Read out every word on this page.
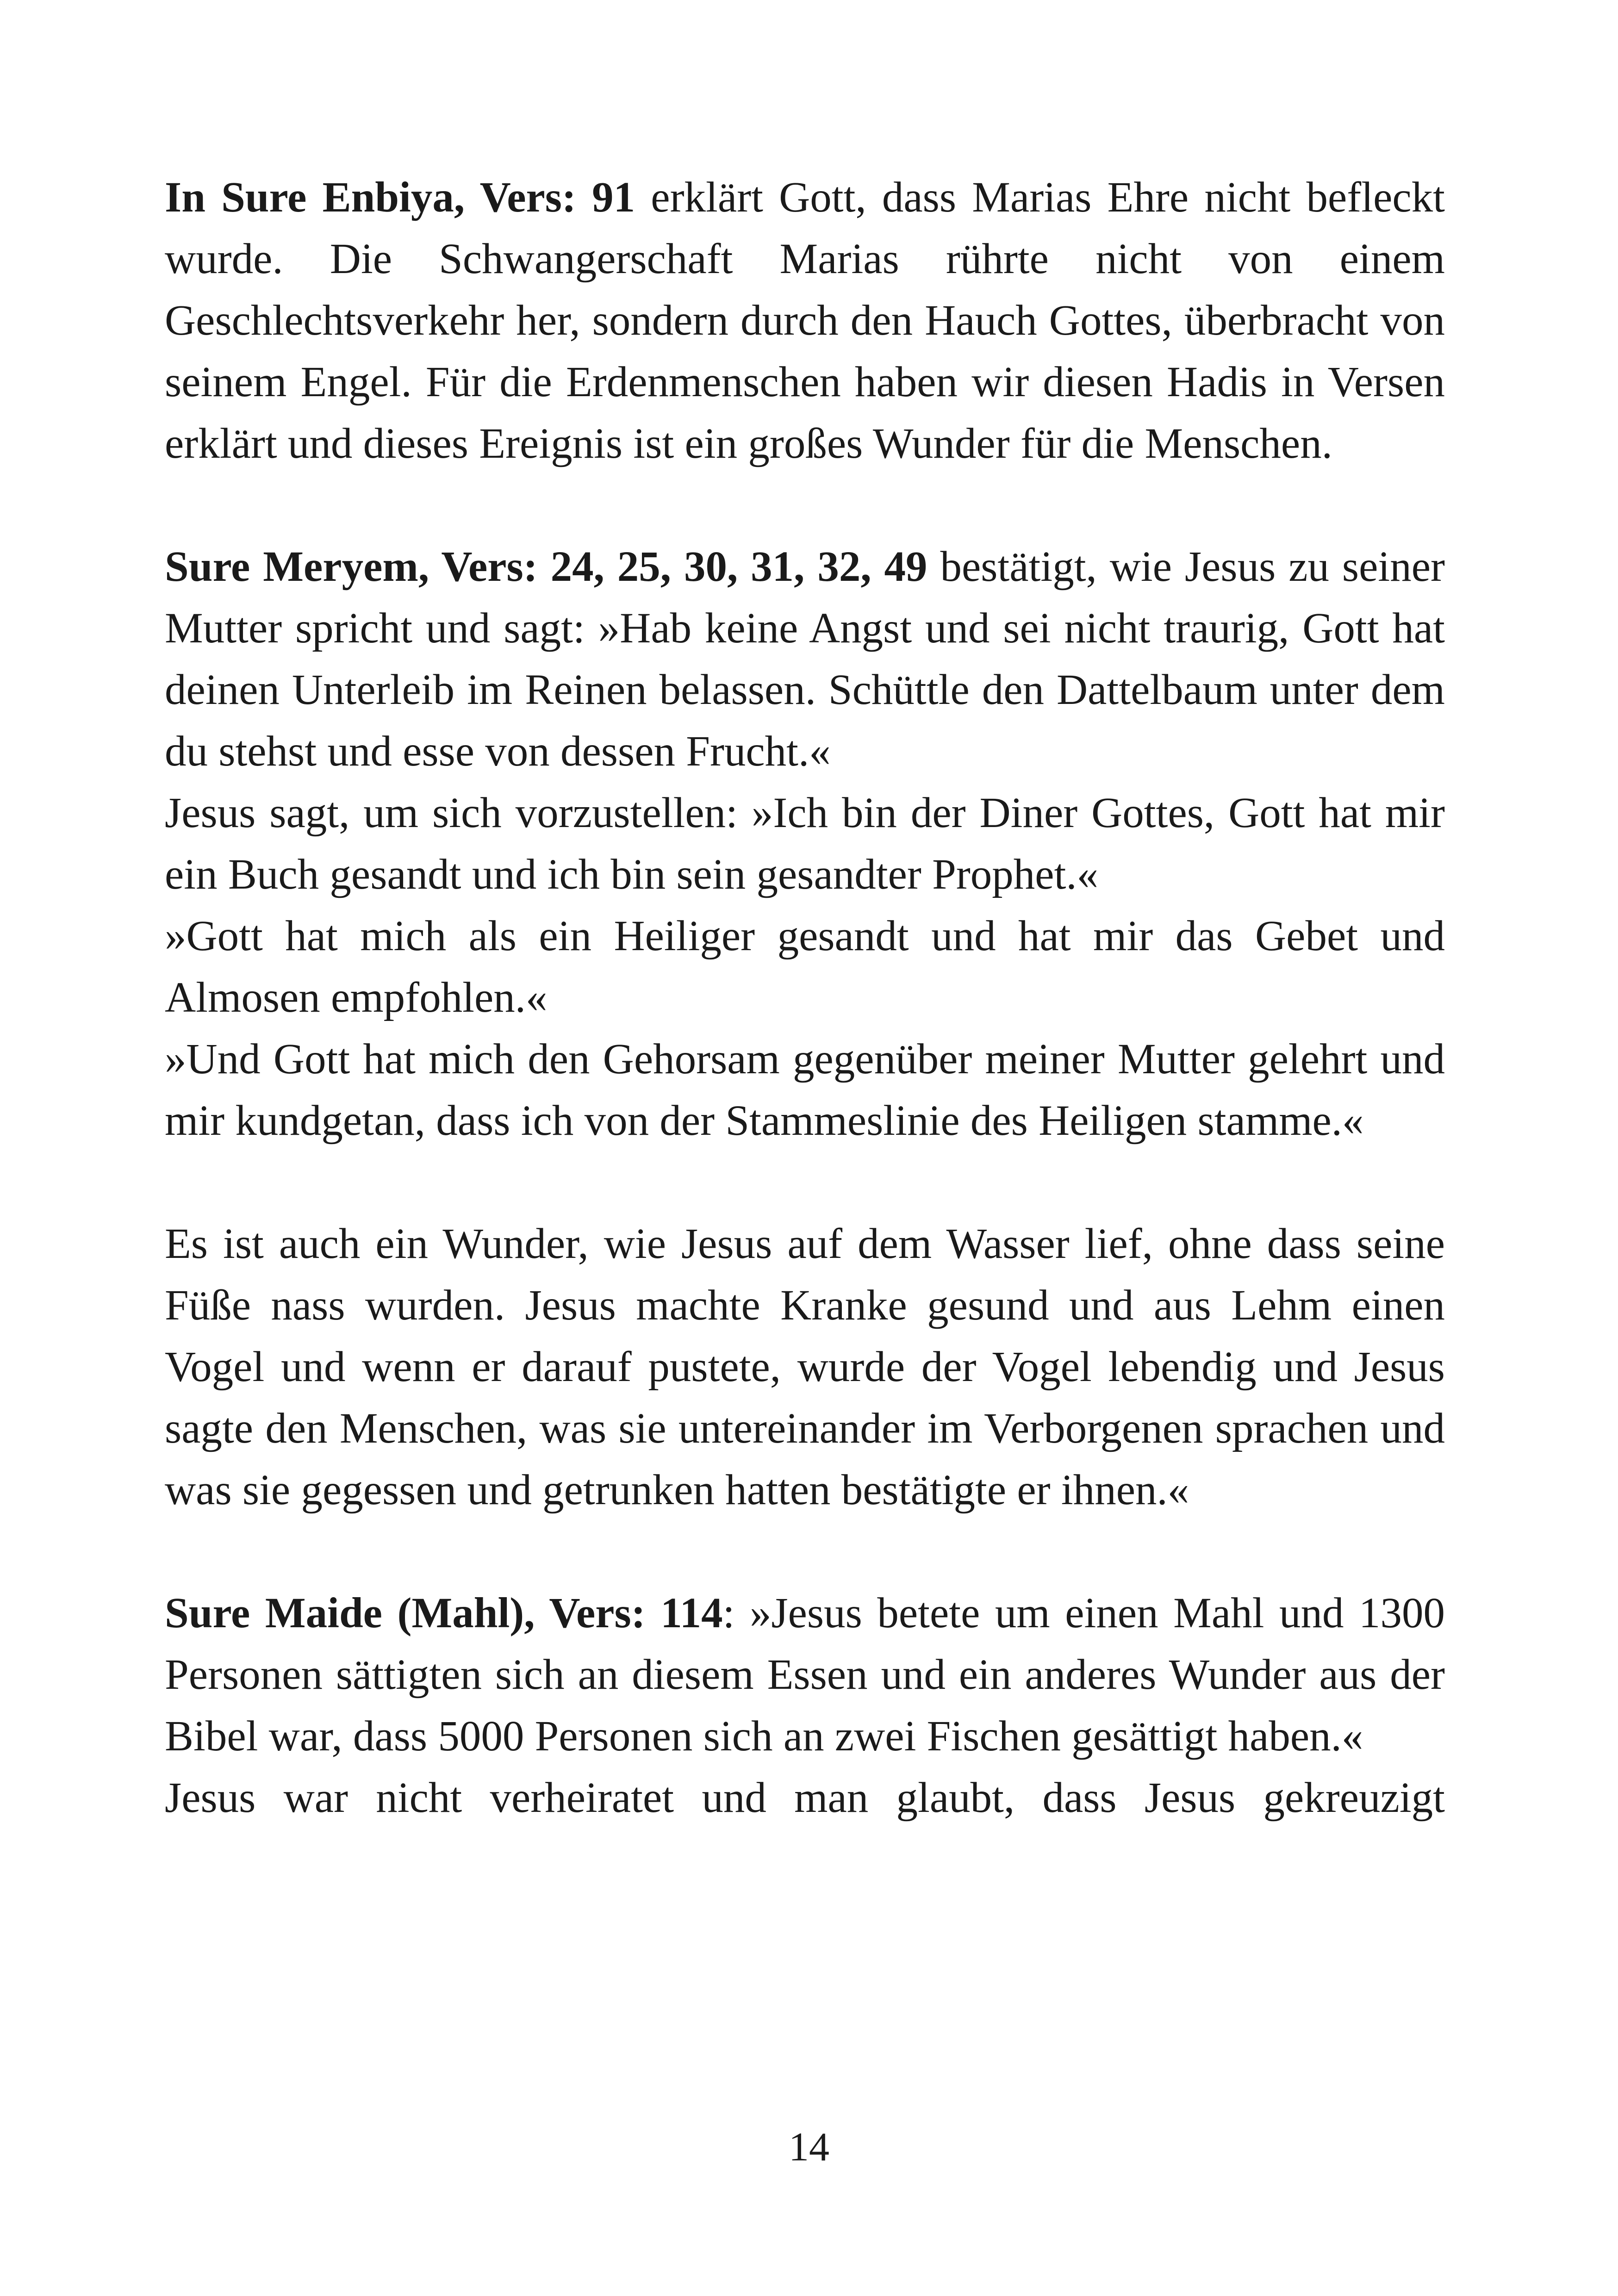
In Sure Enbiya, Vers: 91 erklärt Gott, dass Marias Ehre nicht befleckt wurde. Die Schwangerschaft Marias rührte nicht von einem Geschlechtsverkehr her, sondern durch den Hauch Gottes, überbracht von seinem Engel. Für die Erdenmenschen haben wir diesen Hadis in Versen erklärt und dieses Ereignis ist ein großes Wunder für die Menschen.

Sure Meryem, Vers: 24, 25, 30, 31, 32, 49 bestätigt, wie Jesus zu seiner Mutter spricht und sagt: »Hab keine Angst und sei nicht traurig, Gott hat deinen Unterleib im Reinen belassen. Schüttle den Dattelbaum unter dem du stehst und esse von dessen Frucht.«

Jesus sagt, um sich vorzustellen: »Ich bin der Diner Gottes, Gott hat mir ein Buch gesandt und ich bin sein gesandter Prophet.«

»Gott hat mich als ein Heiliger gesandt und hat mir das Gebet und Almosen empfohlen.«

»Und Gott hat mich den Gehorsam gegenüber meiner Mutter gelehrt und mir kundgetan, dass ich von der Stammeslinie des Heiligen stamme.«

Es ist auch ein Wunder, wie Jesus auf dem Wasser lief, ohne dass seine Füße nass wurden. Jesus machte Kranke gesund und aus Lehm einen Vogel und wenn er darauf pustete, wurde der Vogel lebendig und Jesus sagte den Menschen, was sie untereinander im Verborgenen sprachen und was sie gegessen und getrunken hatten bestätigte er ihnen.«

Sure Maide (Mahl), Vers: 114: »Jesus betete um einen Mahl und 1300 Personen sättigten sich an diesem Essen und ein anderes Wunder aus der Bibel war, dass 5000 Personen sich an zwei Fischen gesättigt haben.«

Jesus war nicht verheiratet und man glaubt, dass Jesus gekreuzigt

14
